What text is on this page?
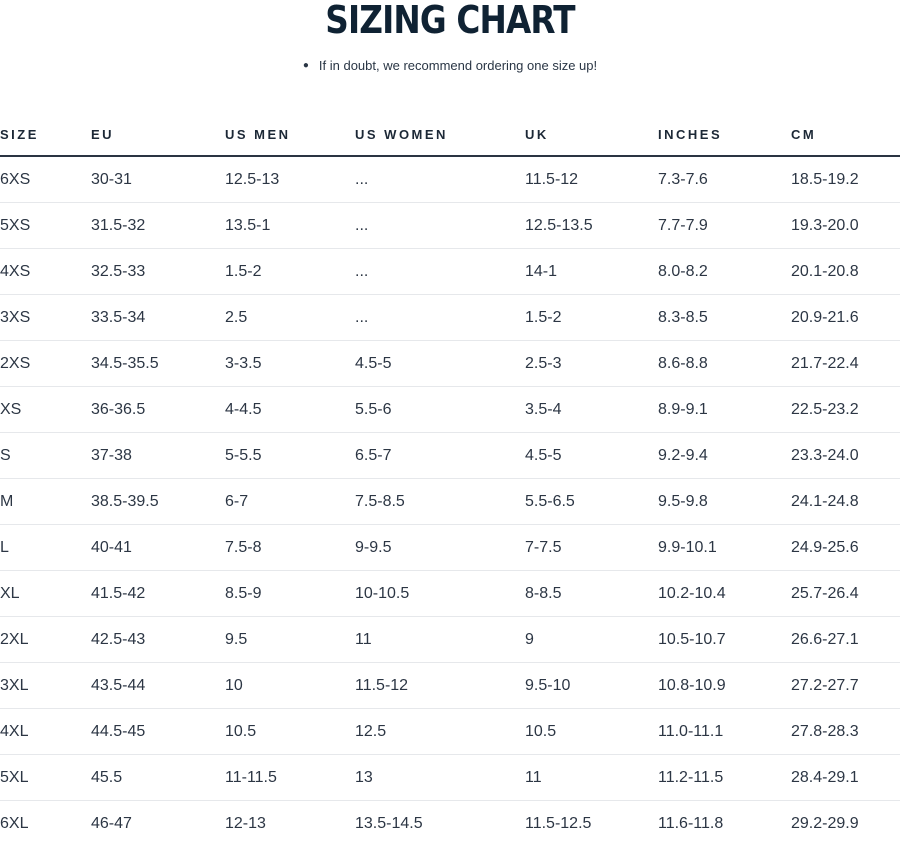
SIZING CHART
● If in doubt, we recommend ordering one size up!
SIZE	EU	US MEN	US WOMEN	UK	INCHES	CM
6XS	30-31	12.5-13	...	11.5-12	7.3-7.6	18.5-19.2
5XS	31.5-32	13.5-1	...	12.5-13.5	7.7-7.9	19.3-20.0
4XS	32.5-33	1.5-2	...	14-1	8.0-8.2	20.1-20.8
3XS	33.5-34	2.5	...	1.5-2	8.3-8.5	20.9-21.6
2XS	34.5-35.5	3-3.5	4.5-5	2.5-3	8.6-8.8	21.7-22.4
XS	36-36.5	4-4.5	5.5-6	3.5-4	8.9-9.1	22.5-23.2
S	37-38	5-5.5	6.5-7	4.5-5	9.2-9.4	23.3-24.0
M	38.5-39.5	6-7	7.5-8.5	5.5-6.5	9.5-9.8	24.1-24.8
L	40-41	7.5-8	9-9.5	7-7.5	9.9-10.1	24.9-25.6
XL	41.5-42	8.5-9	10-10.5	8-8.5	10.2-10.4	25.7-26.4
2XL	42.5-43	9.5	11	9	10.5-10.7	26.6-27.1
3XL	43.5-44	10	11.5-12	9.5-10	10.8-10.9	27.2-27.7
4XL	44.5-45	10.5	12.5	10.5	11.0-11.1	27.8-28.3
5XL	45.5	11-11.5	13	11	11.2-11.5	28.4-29.1
6XL	46-47	12-13	13.5-14.5	11.5-12.5	11.6-11.8	29.2-29.9
